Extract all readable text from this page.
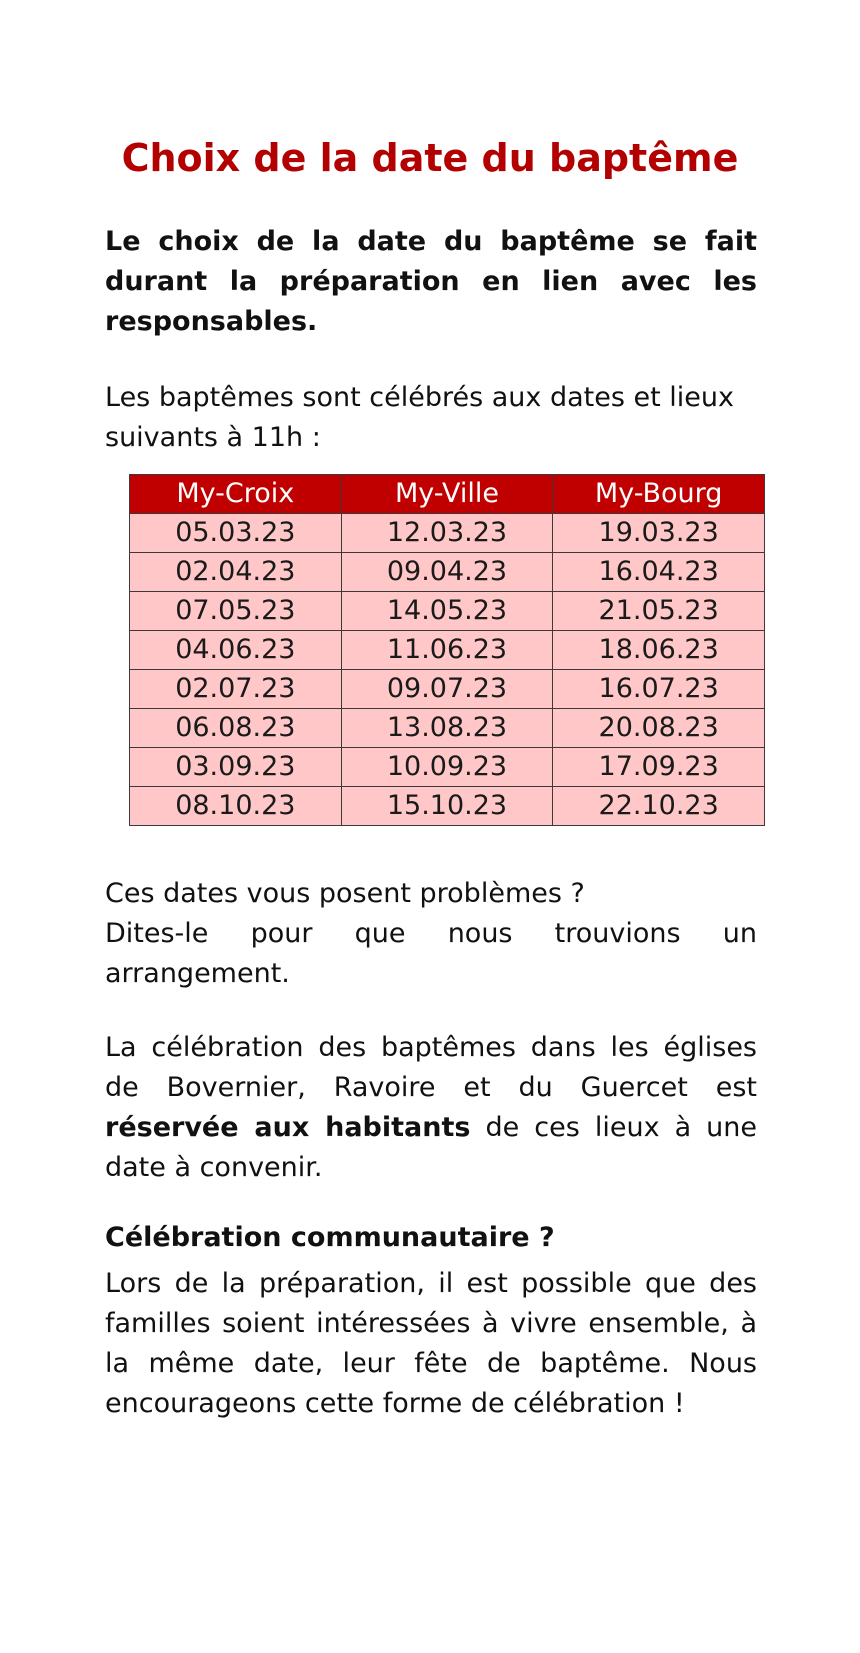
Choix de la date du baptême

Le choix de la date du baptême se fait durant la préparation en lien avec les responsables.

Les baptêmes sont célébrés aux dates et lieux suivants à 11h :

My-Croix	My-Ville	My-Bourg
05.03.23	12.03.23	19.03.23
02.04.23	09.04.23	16.04.23
07.05.23	14.05.23	21.05.23
04.06.23	11.06.23	18.06.23
02.07.23	09.07.23	16.07.23
06.08.23	13.08.23	20.08.23
03.09.23	10.09.23	17.09.23
08.10.23	15.10.23	22.10.23

Ces dates vous posent problèmes ?

Dites-le pour que nous trouvions un arrangement.

La célébration des baptêmes dans les églises de Bovernier, Ravoire et du Guercet est réservée aux habitants de ces lieux à une date à convenir.

Célébration communautaire ?

Lors de la préparation, il est possible que des familles soient intéressées à vivre ensemble, à la même date, leur fête de baptême. Nous encourageons cette forme de célébration !
